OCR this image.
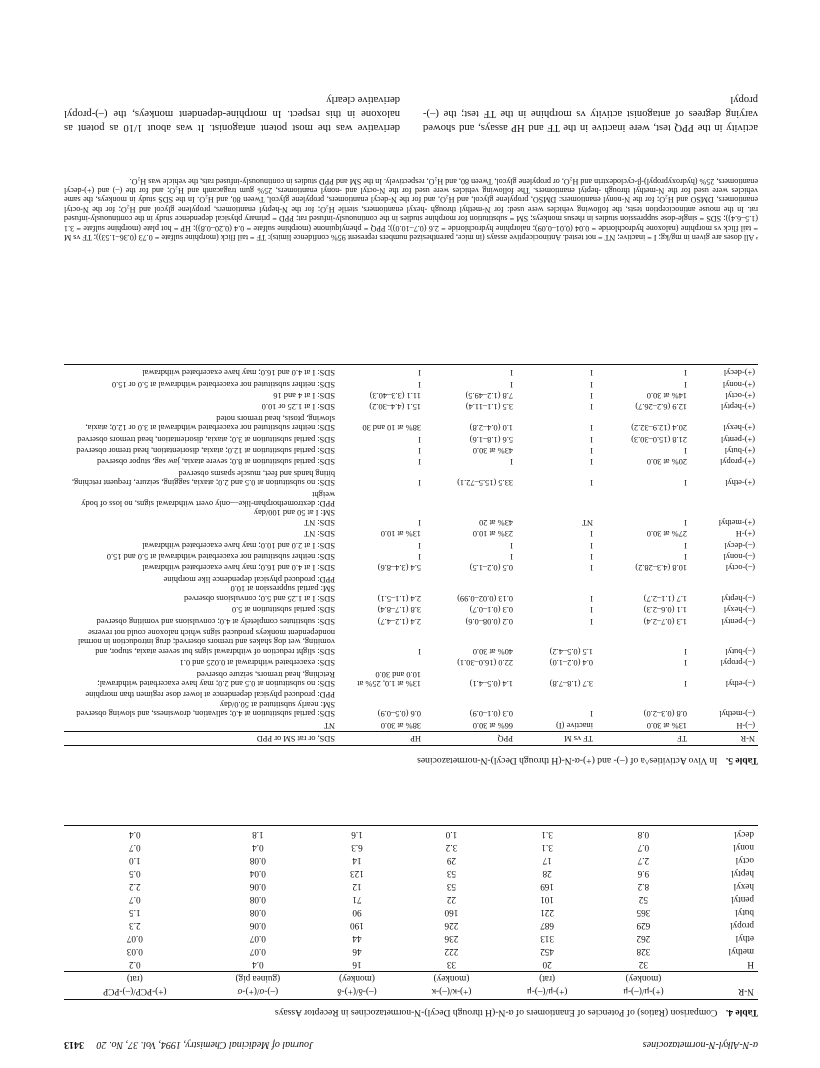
α-N-Alkyl-N-normetazocines
Journal of Medicinal Chemistry, 1994, Vol. 37, No. 20 3413
Table 4. Comparison (Ratios) of Potencies of Enantiomers of α-N-(H through Decyl)-N-normetazocines in Receptor Assays
N-R	(+)-μ/(–)-μ	(+)-μ/(–)-μ	(+)-κ/(–)-κ	(–)-δ/(+)-δ	(–)-σ/(+)-σ	(+)-PCP/(–)-PCP
	(monkey)	(rat)	(monkey)	(monkey)	(guinea pig)	(rat)
H	32	20	33	16	0.4	0.2
methyl	328	452	222	46	0.07	0.03
ethyl	262	313	236	44	0.07	0.07
propyl	629	687	226	190	0.06	2.3
butyl	365	221	160	90	0.08	1.5
pentyl	52	101	22	71	0.08	0.7
hexyl	8.2	169	53	12	0.06	2.2
heptyl	9.6	28	53	123	0.04	0.5
octyl	2.7	17	29	14	0.08	1.0
nonyl	0.7	3.1	3.2	6.3	0.4	0.7
decyl	0.8	3.1	1.0	1.6	1.8	0.4
Table 5. In Vivo Activities^a of (–)- and (+)-α-N-(H through Decyl)-N-normetazocines
N-R	TF	TF vs M	PPQ	HP	SDS, or rat SM or PPD
(–)-H	13% at 30.0	inactive (I)	66% at 30.0	38% at 30.0	NT
(–)-methyl	0.8 (0.3–2.0)	I	0.3 (0.1–0.9)	0.6 (0.5–0.9)	SDS: partial substitution at 4.0; salivation, drowsiness, and slowing observed
SM: nearly substituted at 50.0/day
PPD: produced physical dependence at lower dose regimen than morphine
(–)-ethyl	I	3.7 (1.8–7.8)	1.4 (0.5–4.1)	13% at 1.0, 25% at 10.0 and 30.0	SDS: no substitution at 0.5 and 2.0; may have exacerbated withdrawal; Retching, head tremors, seizure observed
(–)-propyl	I	0.4 (0.2–1.0)	22.0 (16.0–30.1)		SDS: exacerbated withdrawal at 0.025 and 0.1
(–)-butyl	I	1.5 (0.5–4.2)	40% at 30.0	I	SDS: slight reduction of withdrawal signs but severe ataxia, stupor, and vomiting, wet dog shakes and tremors observed; drug introduction in normal nondependent monkeys produced signs which naloxone could not reverse
(–)-pentyl	1.3 (0.7–2.4)	I	0.2 (0.08–0.6)	2.4 (1.2–4.7)	SDS: substitutes completely at 4.0; convulsions and vomiting observed
(–)-hexyl	1.1 (0.6–2.3)	I	0.3 (0.1–0.7)	3.8 (1.7–8.4)	SDS: partial substitution at 5.0
(–)-heptyl	1.7 (1.1–2.7)	I	0.13 (0.02–0.99)	2.4 (1.1–5.1)	SDS: I at 1.25 and 5.0; convulsions observed
SM: partial suppression at 10.0
PPD: produced physical dependence like morphine
(–)-octyl	10.8 (4.3–28.2)	I	0.5 (0.2–1.5)	5.4 (3.4–8.6)	SDS: I at 4.0 and 16.0; may have exacerbated withdrawal
(–)-nonyl	I	I	I	I	SDS: neither substituted nor exacerbated withdrawal at 5.0 and 15.0
(–)-decyl	I	I	I	I	SDS: I at 2.0 and 10.0; may have exacerbated withdrawal
(+)-H	27% at 30.0	I	23% at 10.0	13% at 10.0	SDS: NT
(+)-methyl	I	NT	43% at 20	I	SDS: NT
SM: I at 50 and 100/day
PPD: dextromethorphan-like—only overt withdrawal signs, no loss of body weight
(+)-ethyl	I	I	33.5 (15.5–72.1)	I	SDS: no substitution at 0.5 and 2.0; ataxia, sagging, seizure, frequent retching, biting hands and feet, muscle spasms observed
(+)-propyl	20% at 30.0	I	I	I	SDS: partial substitution at 8.0; severe ataxia, jaw sag, stupor observed
(+)-butyl	I	I	43% at 30.0	I	SDS: partial substitution at 12.0; ataxia, disorientation, head tremor observed
(+)-pentyl	21.8 (15.0–30.3)	I	5.6 (1.8–1.6)	I	SDS: partial substitution at 3.0; ataxia, disorientation, head tremors observed
(+)-hexyl	20.4 (12.9–32.2)	I	1.0 (0.4–2.8)	38% at 10 and 30	SDS: neither substituted nor exacerbated withdrawal at 3.0 or 12.0; ataxia, slowing, ptosis, head tremors noted
(+)-heptyl	12.9 (6.2–26.7)	I	3.5 (1.1–11.4)	15.1 (4.4–30.2)	SDS: I at 1.25 or 10.0
(+)-octyl	14% at 30.0	I	7.8 (1.2–49.5)	11.1 (3.3–40.3)	SDS: I at 4 and 16
(+)-nonyl	I	I	I	I	SDS: neither substituted nor exacerbated withdrawal at 5.0 or 15.0
(+)-decyl	I	I	I	I	SDS: I at 4.0 and 16.0; may have exacerbated withdrawal
ᵃ All doses are given in mg/kg; I = inactive; NT = not tested. Antinociceptive assays (in mice, parenthesized numbers represent 95% confidence limits): TF = tail flick (morphine sulfate = 0.73 (0.36–1.53)); TF vs M = tail flick vs morphine (naloxone hydrochloride = 0.04 (0.01–0.09); nalorphine hydrochloride = 2.6 (0.7–10.0)); PPQ = phenylquinone (morphine sulfate = 0.4 (0.20–0.8)); HP = hot plate (morphine sulfate = 3.1 (1.5–6.4)); SDS = single-dose suppression studies in rhesus monkeys; SM = substitution for morphine studies in the continuously-infused rat; PPD = primary physical dependence study in the continuously-infused rat. In the mouse antinociception tests, the following vehicles were used: for N-methyl through -hexyl enantiomers, sterile H₂O; for the N-heptyl enantiomers, propylene glycol and H₂O; for the N-octyl enantiomers, DMSO and H₂O; for the N-nonyl enantiomers: DMSO, propylene glycol, and H₂O, and for the N-decyl enantiomers, propylene glycol, Tween 80, and H₂O. In the SDS study in monkeys, the same vehicles were used for the N-methyl through -heptyl enantiomers. The following vehicles were used for the N-octyl and -nonyl enantiomers, 25% gum tragacanth and H₂O; and for the (–) and (+)-decyl enantiomers, 25% (hydroxypropyl)-β-cyclodextrin and H₂O, or propylene glycol, Tween 80, and H₂O, respectively. In the SM and PPD studies in continuously-infused rats, the vehicle was H₂O.
activity in the PPQ test, were inactive in the TF and HP assays, and showed varying degrees of antagonist activity vs morphine in the TF test; the (–)-propyl
derivative was the most potent antagonist. It was about 1/10 as potent as naloxone in this respect. In morphine-dependent monkeys, the (–)-propyl derivative clearly
